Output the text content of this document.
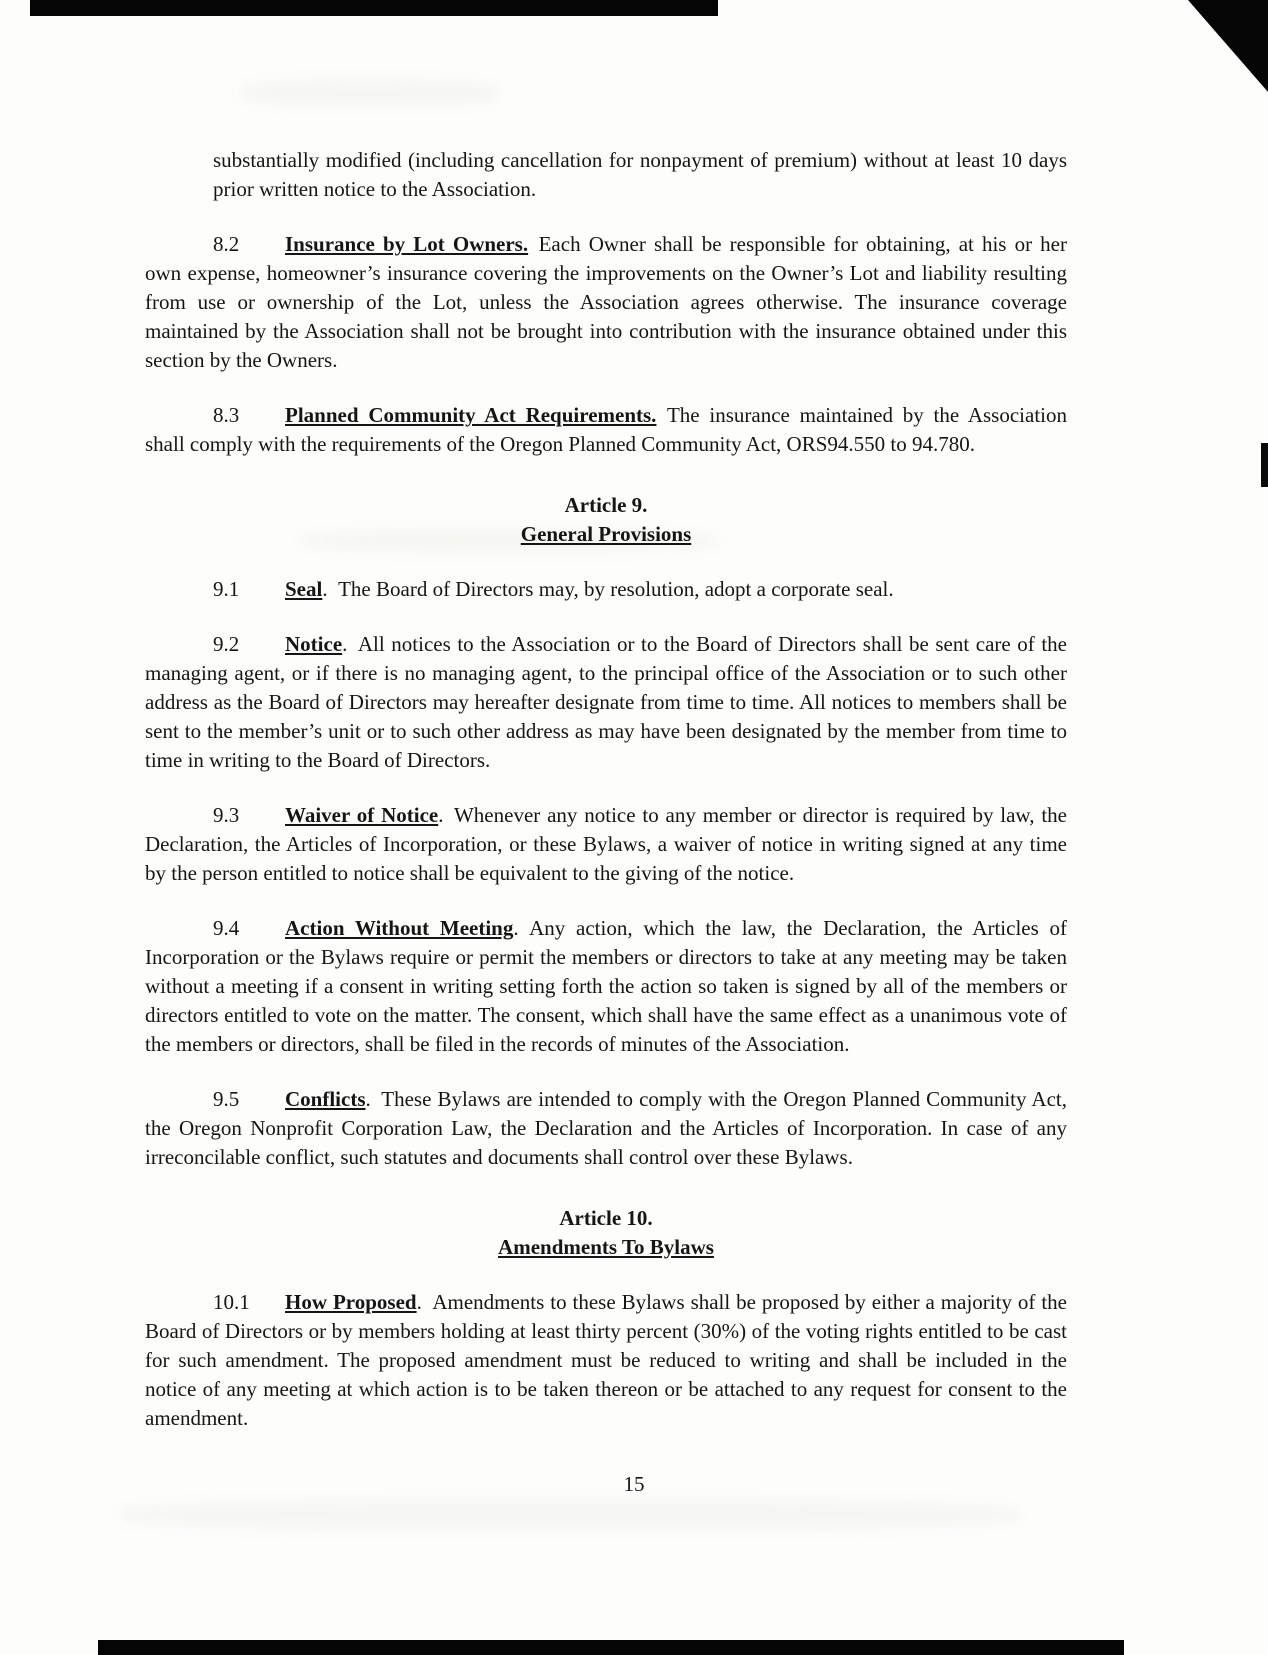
substantially modified (including cancellation for nonpayment of premium) without at least 10 days prior written notice to the Association.

8.2 Insurance by Lot Owners. Each Owner shall be responsible for obtaining, at his or her own expense, homeowner’s insurance covering the improvements on the Owner’s Lot and liability resulting from use or ownership of the Lot, unless the Association agrees otherwise. The insurance coverage maintained by the Association shall not be brought into contribution with the insurance obtained under this section by the Owners.

8.3 Planned Community Act Requirements. The insurance maintained by the Association shall comply with the requirements of the Oregon Planned Community Act, ORS94.550 to 94.780.

Article 9.
General Provisions

9.1 Seal. The Board of Directors may, by resolution, adopt a corporate seal.

9.2 Notice. All notices to the Association or to the Board of Directors shall be sent care of the managing agent, or if there is no managing agent, to the principal office of the Association or to such other address as the Board of Directors may hereafter designate from time to time. All notices to members shall be sent to the member’s unit or to such other address as may have been designated by the member from time to time in writing to the Board of Directors.

9.3 Waiver of Notice. Whenever any notice to any member or director is required by law, the Declaration, the Articles of Incorporation, or these Bylaws, a waiver of notice in writing signed at any time by the person entitled to notice shall be equivalent to the giving of the notice.

9.4 Action Without Meeting. Any action, which the law, the Declaration, the Articles of Incorporation or the Bylaws require or permit the members or directors to take at any meeting may be taken without a meeting if a consent in writing setting forth the action so taken is signed by all of the members or directors entitled to vote on the matter. The consent, which shall have the same effect as a unanimous vote of the members or directors, shall be filed in the records of minutes of the Association.

9.5 Conflicts. These Bylaws are intended to comply with the Oregon Planned Community Act, the Oregon Nonprofit Corporation Law, the Declaration and the Articles of Incorporation. In case of any irreconcilable conflict, such statutes and documents shall control over these Bylaws.

Article 10.
Amendments To Bylaws

10.1 How Proposed. Amendments to these Bylaws shall be proposed by either a majority of the Board of Directors or by members holding at least thirty percent (30%) of the voting rights entitled to be cast for such amendment. The proposed amendment must be reduced to writing and shall be included in the notice of any meeting at which action is to be taken thereon or be attached to any request for consent to the amendment.

15
